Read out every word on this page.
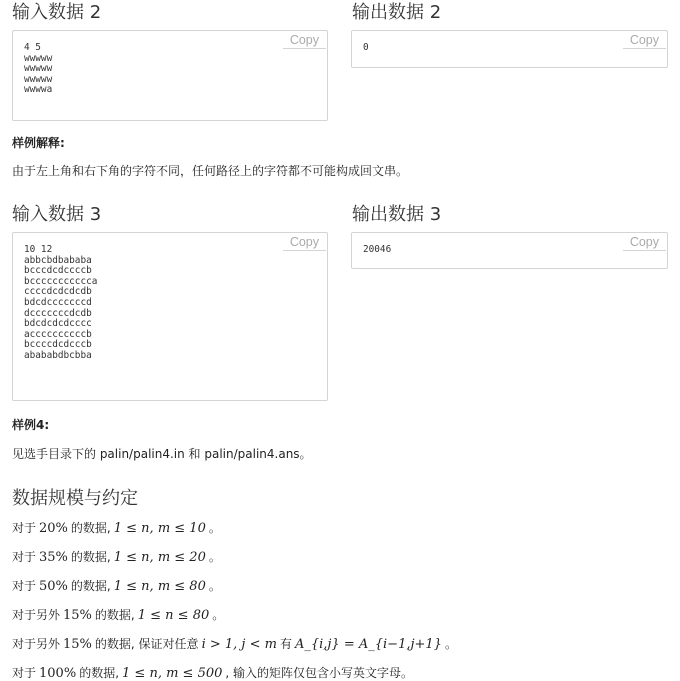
输入数据 2	输出数据 2
4 5
wwwww
wwwww
wwwww
wwwwa
Copy
0
Copy
样例解释:
由于左上角和右下角的字符不同，任何路径上的字符都不可能构成回文串。
输入数据 3	输出数据 3
10 12
abbcbdbababa
bcccdcdccccb
bccccccccccca
ccccdcdcdcdb
bdcdcccccccd
dcccccccdcdb
bdcdcdcdcccc
accccccccccb
bccccdcdcccb
abababdbcbba
Copy
20046
Copy
样例4:
见选手目录下的 palin/palin4.in 和 palin/palin4.ans。
数据规模与约定
对于 20% 的数据, 1 ≤ n, m ≤ 10 。
对于 35% 的数据, 1 ≤ n, m ≤ 20 。
对于 50% 的数据, 1 ≤ n, m ≤ 80 。
对于另外 15% 的数据, 1 ≤ n ≤ 80 。
对于另外 15% 的数据, 保证对任意 i > 1, j < m 有 A_{i,j} = A_{i−1,j+1} 。
对于 100% 的数据, 1 ≤ n, m ≤ 500 , 输入的矩阵仅包含小写英文字母。
